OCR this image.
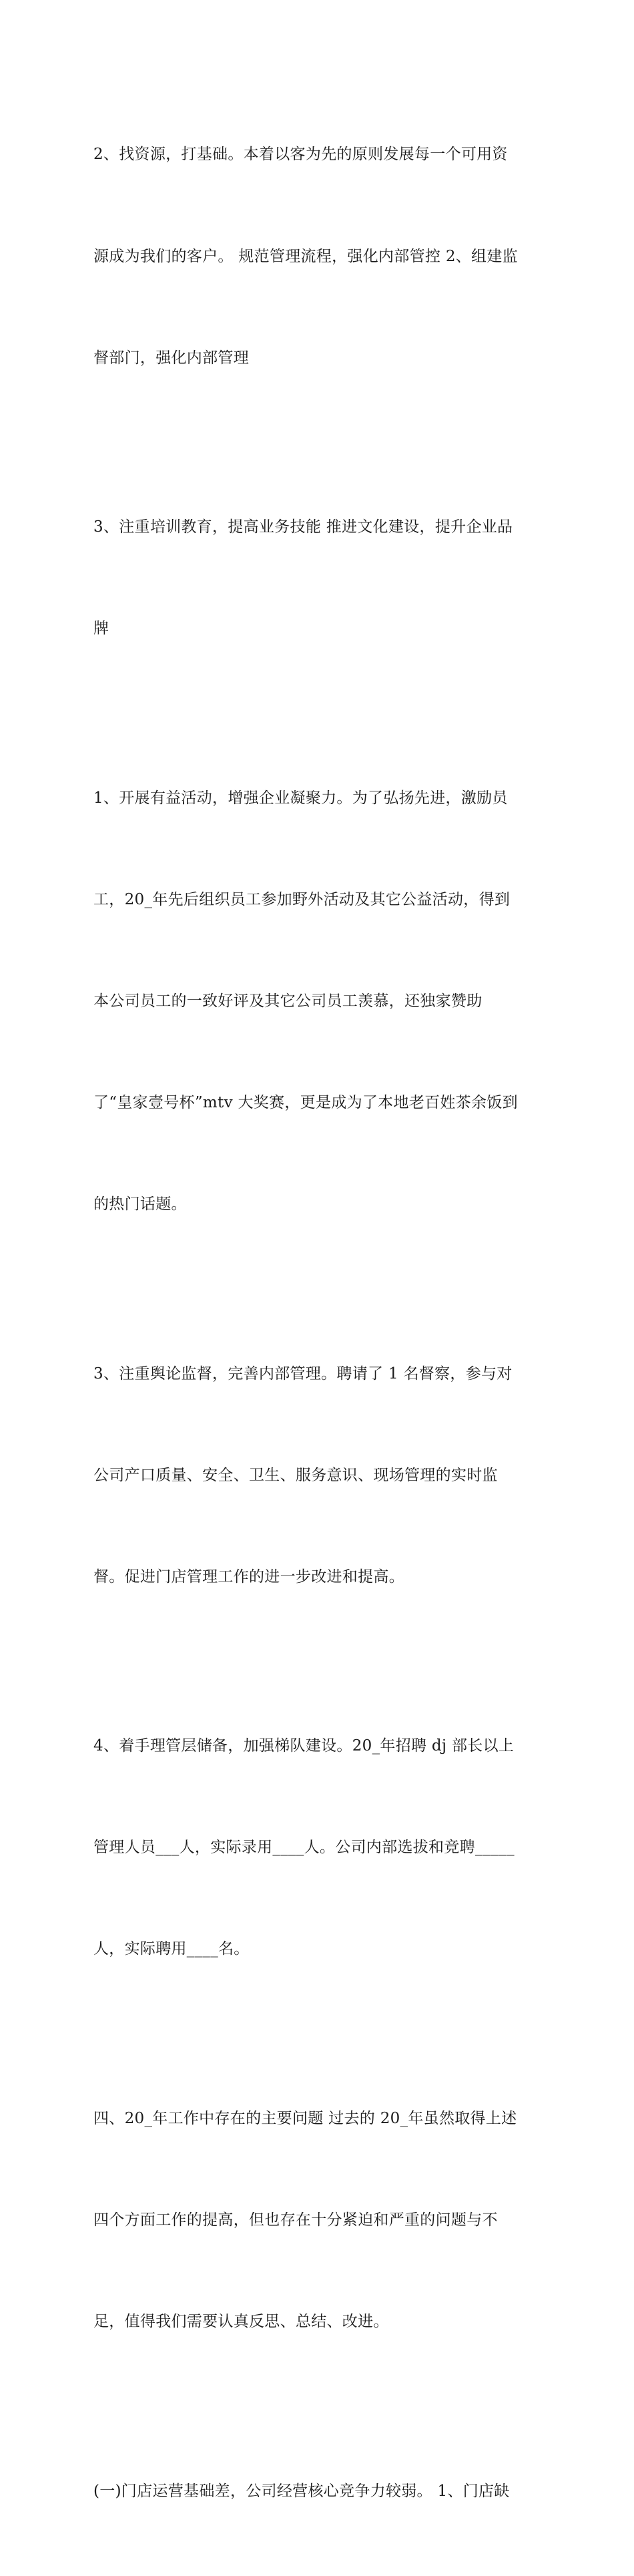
2、找资源，打基础。本着以客为先的原则发展每一个可用资

源成为我们的客户。 规范管理流程，强化内部管控 2、组建监

督部门，强化内部管理

3、注重培训教育，提高业务技能 推进文化建设，提升企业品

牌

1、开展有益活动，增强企业凝聚力。为了弘扬先进，激励员

工，20_年先后组织员工参加野外活动及其它公益活动，得到

本公司员工的一致好评及其它公司员工羡慕，还独家赞助

了“皇家壹号杯”mtv 大奖赛，更是成为了本地老百姓茶余饭到

的热门话题。

3、注重舆论监督，完善内部管理。聘请了 1 名督察，参与对

公司产口质量、安全、卫生、服务意识、现场管理的实时监

督。促进门店管理工作的进一步改进和提高。

4、着手理管层储备，加强梯队建设。20_年招聘 dj 部长以上

管理人员___人，实际录用____人。公司内部选拔和竞聘_____

人，实际聘用____名。

四、20_年工作中存在的主要问题 过去的 20_年虽然取得上述

四个方面工作的提高，但也存在十分紧迫和严重的问题与不

足，值得我们需要认真反思、总结、改进。

(一)门店运营基础差，公司经营核心竞争力较弱。 1、门店缺
